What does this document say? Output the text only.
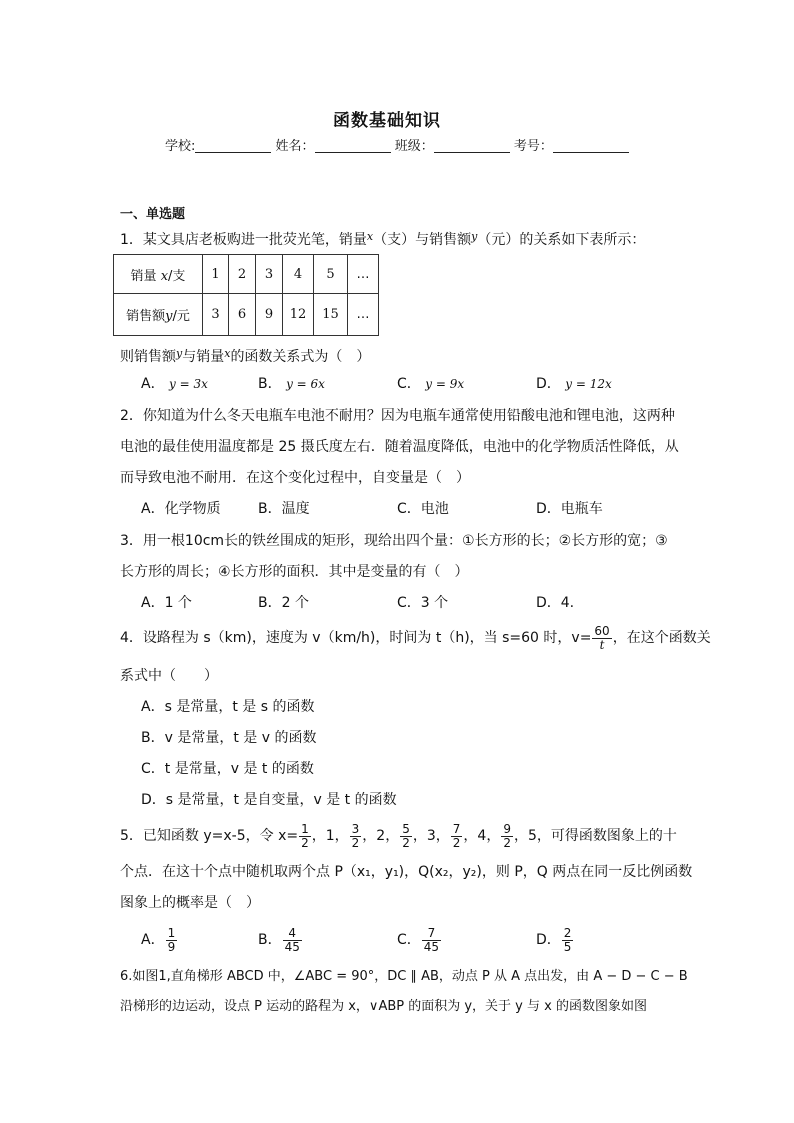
函数基础知识
学校:	姓名：	班级：	考号：
一、单选题
1．某文具店老板购进一批荧光笔，销量$^x$（支）与销售额$^y$（元）的关系如下表所示：
销量 x/支	1	2	3	4	5	…
销售额y/元	3	6	9	12	15	…
则销售额$^y$与销量$^x$的函数关系式为（　）
A． y = 3x	B． y = 6x	C． y = 9x	D． y = 12x
2．你知道为什么冬天电瓶车电池不耐用？因为电瓶车通常使用铅酸电池和锂电池，这两种
电池的最佳使用温度都是 25 摄氏度左右．随着温度降低，电池中的化学物质活性降低，从
而导致电池不耐用．在这个变化过程中，自变量是（　）
A．化学物质	B．温度	C．电池	D．电瓶车
3．用一根10cm长的铁丝围成的矩形，现给出四个量：①长方形的长；②长方形的宽；③
长方形的周长；④长方形的面积．其中是变量的有（　）
A．1 个	B．2 个	C．3 个	D．4.
4．设路程为 s（km)，速度为 v（km/h)，时间为 t（h)，当 s=60 时，$v= \frac{60}{t}$ ，在这个函数关
系式中（　　）
A．s 是常量，t 是 s 的函数
B．v 是常量，t 是 v 的函数
C．t 是常量，v 是 t 的函数
D．s 是常量，t 是自变量，v 是 t 的函数
5．已知函数 y=x-5，令 $x= \frac{1}{2}$ ，1， $\frac{3}{2}$ ，2， $\frac{5}{2}$ ，3， $\frac{7}{2}$ ，4， $\frac{9}{2}$ ，5，可得函数图象上的十
个点．在这十个点中随机取两个点 P（x₁，y₁)，Q(x₂，y₂)，则 P，Q 两点在同一反比例函数
图象上的概率是（　）
A． $\frac{1}{9}$	B． $\frac{4}{45}$	C． $\frac{7}{45}$	D． $\frac{2}{5}$
6.如图1,直角梯形 ABCD 中，∠ABC = 90°，DC ∥ AB，动点 P 从 A 点出发，由 A − D − C − B
沿梯形的边运动，设点 P 运动的路程为 x，∨ABP 的面积为 y，关于 y 与 x 的函数图象如图
